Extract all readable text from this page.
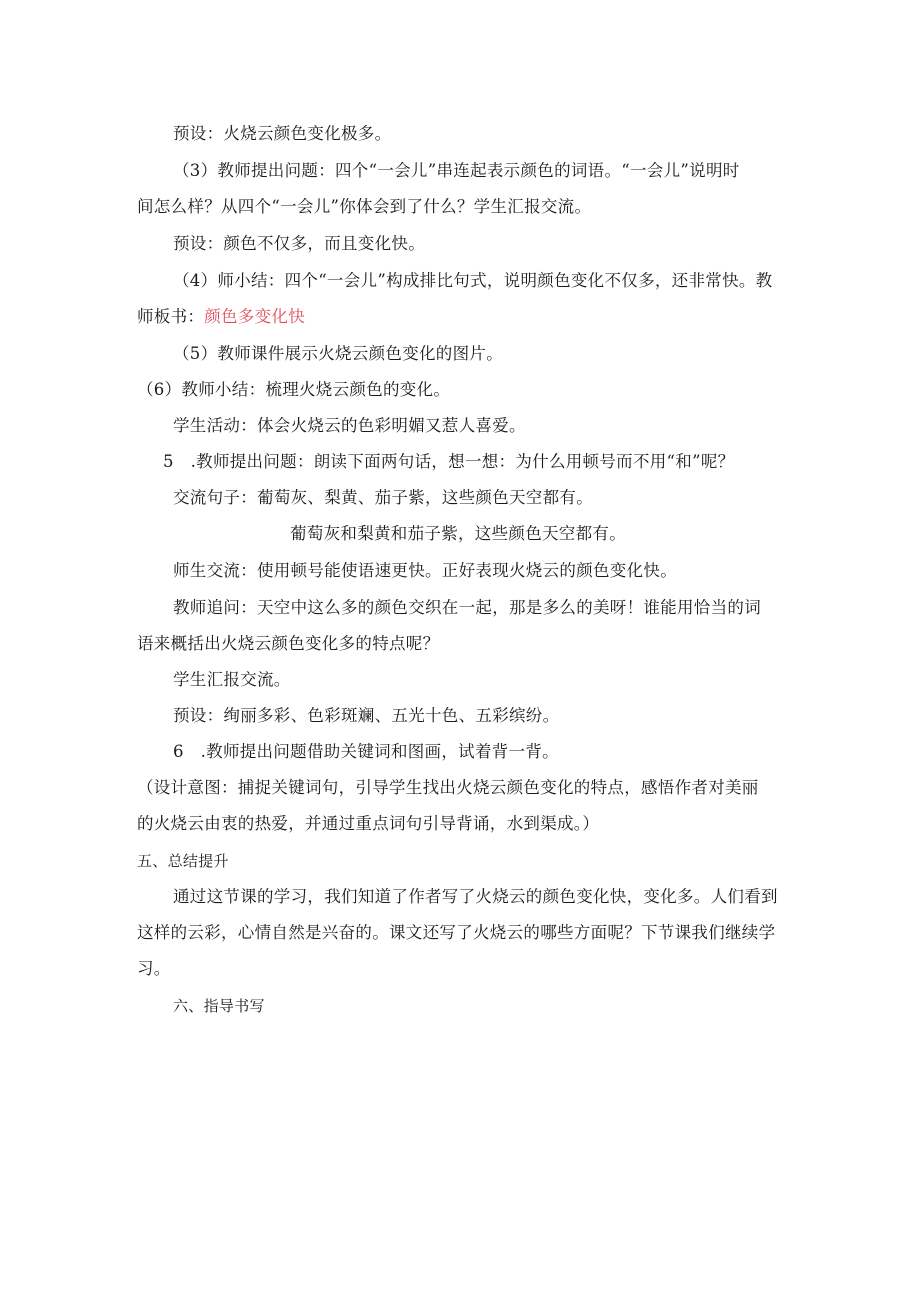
预设：火烧云颜色变化极多。
（3）教师提出问题：四个“一会儿”串连起表示颜色的词语。“一会儿”说明时
间怎么样？从四个“一会儿”你体会到了什么？学生汇报交流。
预设：颜色不仅多，而且变化快。
（4）师小结：四个“一会儿”构成排比句式，说明颜色变化不仅多，还非常快。教
师板书：颜色多变化快
（5）教师课件展示火烧云颜色变化的图片。
（6）教师小结：梳理火烧云颜色的变化。
学生活动：体会火烧云的色彩明媚又惹人喜爱。
5　.教师提出问题：朗读下面两句话，想一想：为什么用顿号而不用“和”呢？
交流句子：葡萄灰、梨黄、茄子紫，这些颜色天空都有。
葡萄灰和梨黄和茄子紫，这些颜色天空都有。
师生交流：使用顿号能使语速更快。正好表现火烧云的颜色变化快。
教师追问：天空中这么多的颜色交织在一起，那是多么的美呀！谁能用恰当的词
语来概括出火烧云颜色变化多的特点呢？
学生汇报交流。
预设：绚丽多彩、色彩斑斓、五光十色、五彩缤纷。
6　.教师提出问题借助关键词和图画，试着背一背。
（设计意图：捕捉关键词句，引导学生找出火烧云颜色变化的特点，感悟作者对美丽
的火烧云由衷的热爱，并通过重点词句引导背诵，水到渠成。）
五、总结提升
通过这节课的学习，我们知道了作者写了火烧云的颜色变化快，变化多。人们看到
这样的云彩，心情自然是兴奋的。课文还写了火烧云的哪些方面呢？下节课我们继续学
习。
六、指导书写
